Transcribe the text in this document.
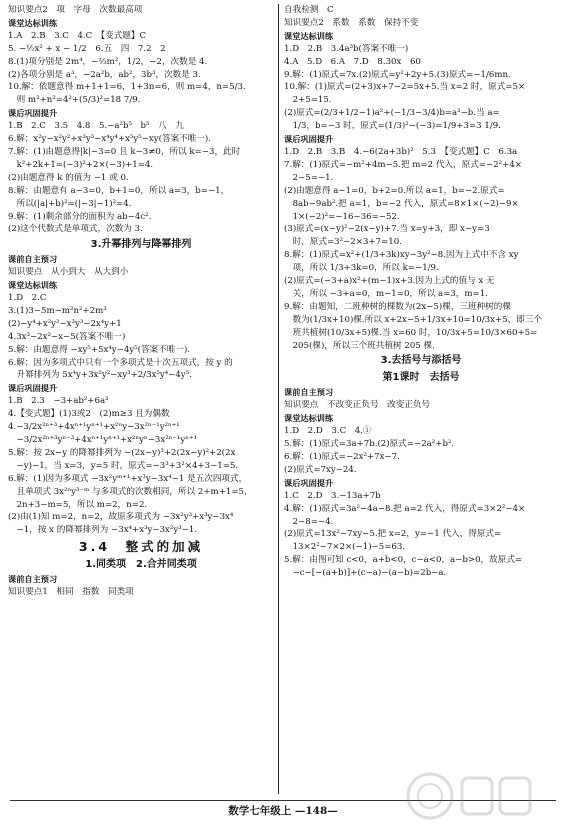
知识要点2　项　字母　次数最高项
课堂达标训练
1.A　2.B　3.C　4.C　【变式题】C
5. −½x² + x − 1/2　6.五　四　7.2　2
8.(1)项分别是 2m⁴，−⅔m²，1/2，−2，次数是 4.
(2)各项分别是 a³，−2a²b，ab²，3b³，次数是 3.
10.解：依题意得 m+1+1=6，1+3n=6，则 m=4，n=5/3.
　则 m²+n²=4²+(5/3)²=18 7/9.
课后巩固提升
1.B　2.C　3.5　4.8　5.−a²b⁵　b⁵　八　九
6.解：x²y−x²y²+x³y³−x⁴y⁴+x⁵y⁵−xy(答案不唯一).
7.解：(1)由题意得|k|−3=0 且 k−3≠0，所以 k=−3，此时
　k²+2k+1=(−3)²+2×(−3)+1=4.
(2)由题意得 k 的值为 −1 或 0.
8.解：由题意有 a−3=0，b+1=0，所以 a=3，b=−1，
　所以(|a|+b)²=(|−3|−1)²=4.
9.解：(1)剩余部分的面积为 ab−4c².
(2)这个代数式是单项式，次数为 3.
3.升幂排列与降幂排列
课前自主预习
知识要点　从小到大　从大到小
课堂达标训练
1.D　2.C
3.(1)3−5m−m²n²+2m³
(2)−y⁴+x²y²−x³y³−2x⁴y+1
4.3x³−2x²−x−5(答案不唯一)
5.解：由题意得 −xy⁵+5x⁴y−4y⁵(答案不唯一).
6.解：因为多项式中只有一个多项式是十次五项式，按 y 的
　升幂排列为 5x⁴y+3x²y²−xy³+2/3x⁵y⁴−4y⁵.
课后巩固提升
1.B　2.3　−3+ab²+6a²
4.【变式题】(1)3或2　(2)m≥3 且为偶数
4.−3/2x²ⁿ⁺³+4xⁿ⁺¹yⁿ⁺¹+x²ⁿy−3x²ⁿ⁻¹y²ⁿ⁺¹
　−3/2x²ⁿ⁺³yⁿ⁻³+4xⁿ⁺¹yⁿ⁺¹+x²ⁿyⁿ−3x²ⁿ⁻¹yⁿ⁺¹
5.解：按 2x−y 的降幂排列为 −(2x−y)³+2(2x−y)²+2(2x
　−y)−1，当 x=3，y=5 时，原式=−3³+3²×4+3−1=5.
6.解：(1)因为多项式 −3x²yᵐ⁺¹+x³y−3x⁴−1 是五次四项式，
　且单项式 3x²ⁿy³⁻ᵐ 与多项式的次数相同，所以 2+m+1=5，
　2n+3−m=5，所以 m=2，n=2.
(2)由(1)知 m=2，n=2，故原多项式为 −3x²y³+x³y−3x⁴
　−1，按 x 的降幂排列为 −3x⁴+x³y−3x²y³−1.
3.4　整式的加减
1.同类项　2.合并同类项
课前自主预习
知识要点1　相同　指数　同类项
自我检测　C
知识要点2　系数　系数　保持不变
课堂达标训练
1.D　2.B　3.4a³b(答案不唯一)
4.A　5.D　6.A　7.D　8.30x　60
9.解：(1)原式=7x.(2)原式=y²+2y+5.(3)原式=−1/6mn.
10.解：(1)原式=(2+3)x+7−2=5x+5.当 x=2 时，原式=5×
　2+5=15.
(2)原式=(2/3+1/2−1)a²+(−1/3−3/4)b=a²−b.当 a=
　1/3，b=−3 时，原式=(1/3)²−(−3)=1/9+3=3 1/9.
课后巩固提升
1.D　2.B　3.B　4.−6(2a+3b)²　5.3　【变式题】C　6.3a
7.解：(1)原式=−m²+4m−5.把 m=2 代入，原式=−2²+4×
　2−5=−1.
(2)由题意得 a−1=0，b+2=0.所以 a=1，b=−2.原式=
　8ab−9ab².把 a=1，b=−2 代入，原式=8×1×(−2)−9×
　1×(−2)²=−16−36=−52.
(3)原式=(x−y)²−2(x−y)+7.当 x=y+3，即 x−y=3
　时，原式=3²−2×3+7=10.
8.解：(1)原式=x²+(1/3+3k)xy−3y²−8.因为上式中不含 xy
　项，所以 1/3+3k=0，所以 k=−1/9.
(2)原式=(−3+a)x²+(m−1)x+3.因为上式的值与 x 无
　关，所以 −3+a=0，m−1=0，所以 a=3，m=1.
9.解：由题知，二班种树的棵数为(2x−5)棵，三班种树的棵
　数为(1/3x+10)棵.所以 x+2x−5+1/3x+10=10/3x+5，即三个
　班共植树(10/3x+5)棵.当 x=60 时，10/3x+5=10/3×60+5=
　205(棵)，所以三个班共植树 205 棵.
3.去括号与添括号
第1课时　去括号
课前自主预习
知识要点　不改变正负号　改变正负号
课堂达标训练
1.D　2.D　3.C　4.①
5.解：(1)原式=3a+7b.(2)原式=−2a²+b².
6.解：(1)原式=−2x²+7x−7.
(2)原式=7xy−24.
课后巩固提升
1.C　2.D　3.−13a+7b
4.解：(1)原式=3a²−4a−8.把 a=2 代入，得原式=3×2²−4×
　2−8=−4.
(2)原式=13x²−7xy−5.把 x=2，y=−1 代入，得原式=
　13×2²−7×2×(−1)−5=63.
5.解：由图可知 c<0，a+b<0，c−a<0，a−b>0，故原式=
　−c−[−(a+b)]+(c−a)−(a−b)=2b−a.
数学七年级上 —148—
